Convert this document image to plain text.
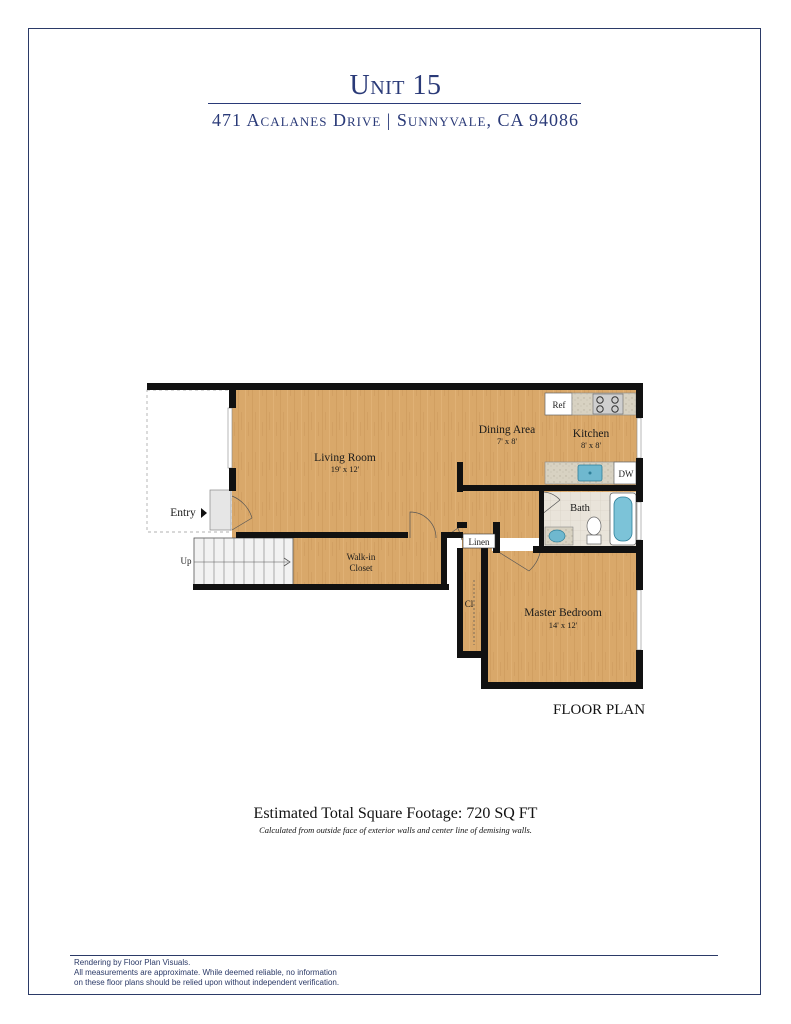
Unit 15
471 Acalanes Drive | Sunnyvale, CA 94086
Living Room
19' x 12'
Dining Area
7' x 8'
Kitchen
8' x 8'
Ref
DW
Bath
Master Bedroom
14' x 12'
Walk-in
Closet
Linen
Cl
Entry
Up
FLOOR PLAN
Estimated Total Square Footage: 720 SQ FT
Calculated from outside face of exterior walls and center line of demising walls.
Rendering by Floor Plan Visuals.
All measurements are approximate. While deemed reliable, no information
on these floor plans should be relied upon without independent verification.
